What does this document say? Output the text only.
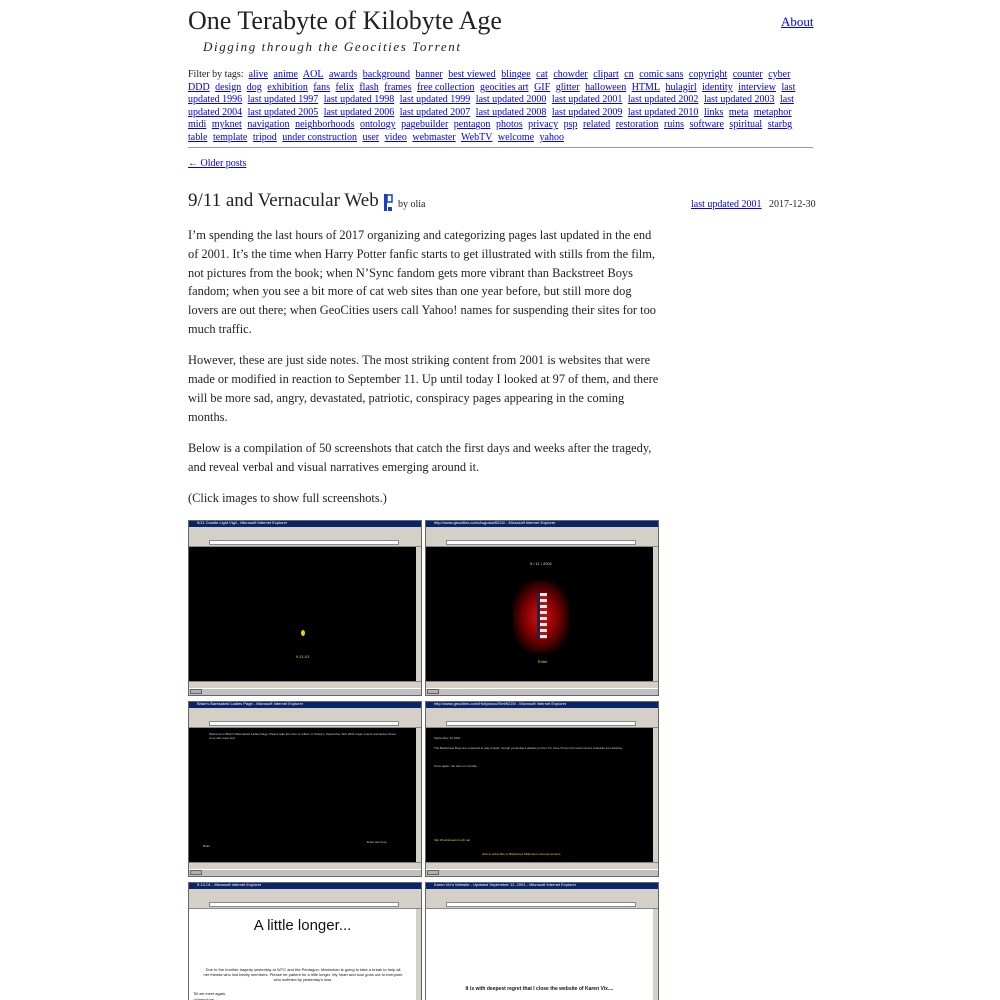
One Terabyte of Kilobyte Age
Digging through the Geocities Torrent
About
Filter by tags: alive anime AOL awards background banner best viewed blingee cat chowder clipart cn comic sans copyright counter cyber DDD design dog exhibition fans felix flash frames free collection geocities art GIF glitter halloween HTML hulagirl identity interview last updated 1996 last updated 1997 last updated 1998 last updated 1999 last updated 2000 last updated 2001 last updated 2002 last updated 2003 last updated 2004 last updated 2005 last updated 2006 last updated 2007 last updated 2008 last updated 2009 last updated 2010 links meta metaphor midi myknet navigation neighborhoods ontology pagebuilder pentagon photos privacy psp related restoration ruins software spiritual starbg table template tripod under construction user video webmaster WebTV welcome yahoo
← Older posts
9/11 and Vernacular Web by olia	last updated 2001 2017-12-30

I’m spending the last hours of 2017 organizing and categorizing pages last updated in the end of 2001. It’s the time when Harry Potter fanfic starts to get illustrated with stills from the film, not pictures from the book; when N’Sync fandom gets more vibrant than Backstreet Boys fandom; when you see a bit more of cat web sites than one year before, but still more dog lovers are out there; when GeoCities users call Yahoo! names for suspending their sites for too much traffic.

However, these are just side notes. The most striking content from 2001 is websites that were made or modified in reaction to September 11. Up until today I looked at 97 of them, and there will be more sad, angry, devastated, patriotic, conspiracy pages appearing in the coming months.

Below is a compilation of 50 screenshots that catch the first days and weeks after the tragedy, and reveal verbal and visual narratives emerging around it.

(Click images to show full screenshots.)

9/11 Candle Light Vigil - Microsoft Internet Explorer
9-11-01
http://www.geocities.com/Augusta/6224/ - Microsoft Internet Explorer
9 / 11 / 2001
Enter
Brian's Baresaked Ladies Page - Microsoft Internet Explorer
Welcome to Brian's Barenaked Ladies Page. Please take this time to reflect on Today's, September 11th 2001 tragic events and lesson those of us who were lost.
Brian
Enter site here
http://www.geocities.com/Hollywood/Set/9225/ - Microsoft Internet Explorer
September 12 2001
The Backstreet Boys are expected to play tonight, though yesterday's attacks on the U.S. have thrown the local concert schedule into disarray.
Once again, the site is in trouble.
http://backstreetmm.cjb.net
click to subscribe to Backstreet Millennium announcements
9-12-01 - Microsoft Internet Explorer
A little longer...
Due to the horrible tragedy yesterday at WTC and the Pentagon, Marinchan is going to take a break to help all her friends who lost family members. Please be patient for a little longer. My heart and soul goes out to everyone who suffered by yesterday's loss.
Till we meet again,
~Marinchan
Karen Vix's Website - Updated September 12, 2001 - Microsoft Internet Explorer
It is with deepest regret that I close the website of Karen Vix....
